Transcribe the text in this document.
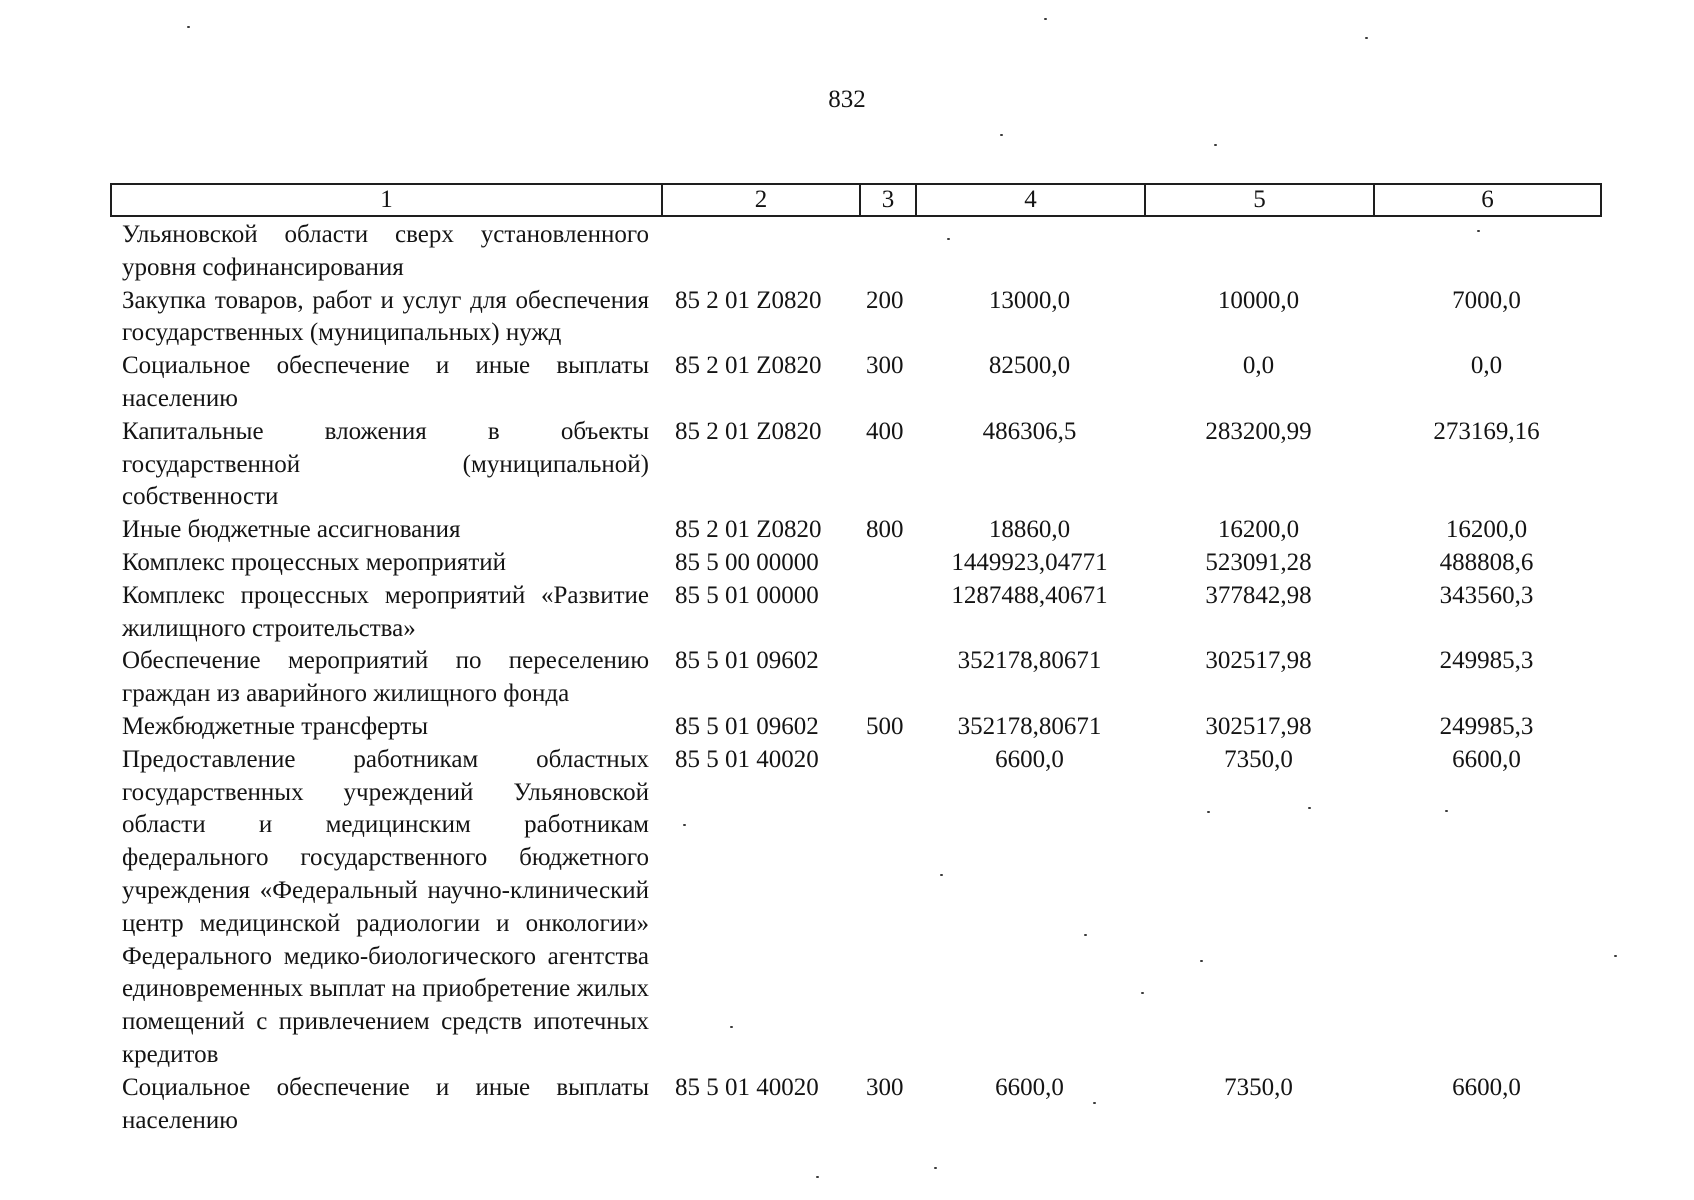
832
1	2	3	4	5	6
Ульяновской области сверх установленного уровня софинансирования					
Закупка товаров, работ и услуг для обеспечения государственных (муниципальных) нужд	85 2 01 Z0820	200	13000,0	10000,0	7000,0
Социальное обеспечение и иные выплаты населению	85 2 01 Z0820	300	82500,0	0,0	0,0
Капитальные вложения в объекты государственной (муниципальной) собственности	85 2 01 Z0820	400	486306,5	283200,99	273169,16
Иные бюджетные ассигнования	85 2 01 Z0820	800	18860,0	16200,0	16200,0
Комплекс процессных мероприятий	85 5 00 00000		1449923,04771	523091,28	488808,6
Комплекс процессных мероприятий «Развитие жилищного строительства»	85 5 01 00000		1287488,40671	377842,98	343560,3
Обеспечение мероприятий по переселению граждан из аварийного жилищного фонда	85 5 01 09602		352178,80671	302517,98	249985,3
Межбюджетные трансферты	85 5 01 09602	500	352178,80671	302517,98	249985,3
Предоставление работникам областных государственных учреждений Ульяновской области и медицинским работникам федерального государственного бюджетного учреждения «Федеральный научно-клинический центр медицинской радиологии и онкологии» Федерального медико-биологического агентства единовременных выплат на приобретение жилых помещений с привлечением средств ипотечных кредитов	85 5 01 40020		6600,0	7350,0	6600,0
Социальное обеспечение и иные выплаты населению	85 5 01 40020	300	6600,0	7350,0	6600,0
